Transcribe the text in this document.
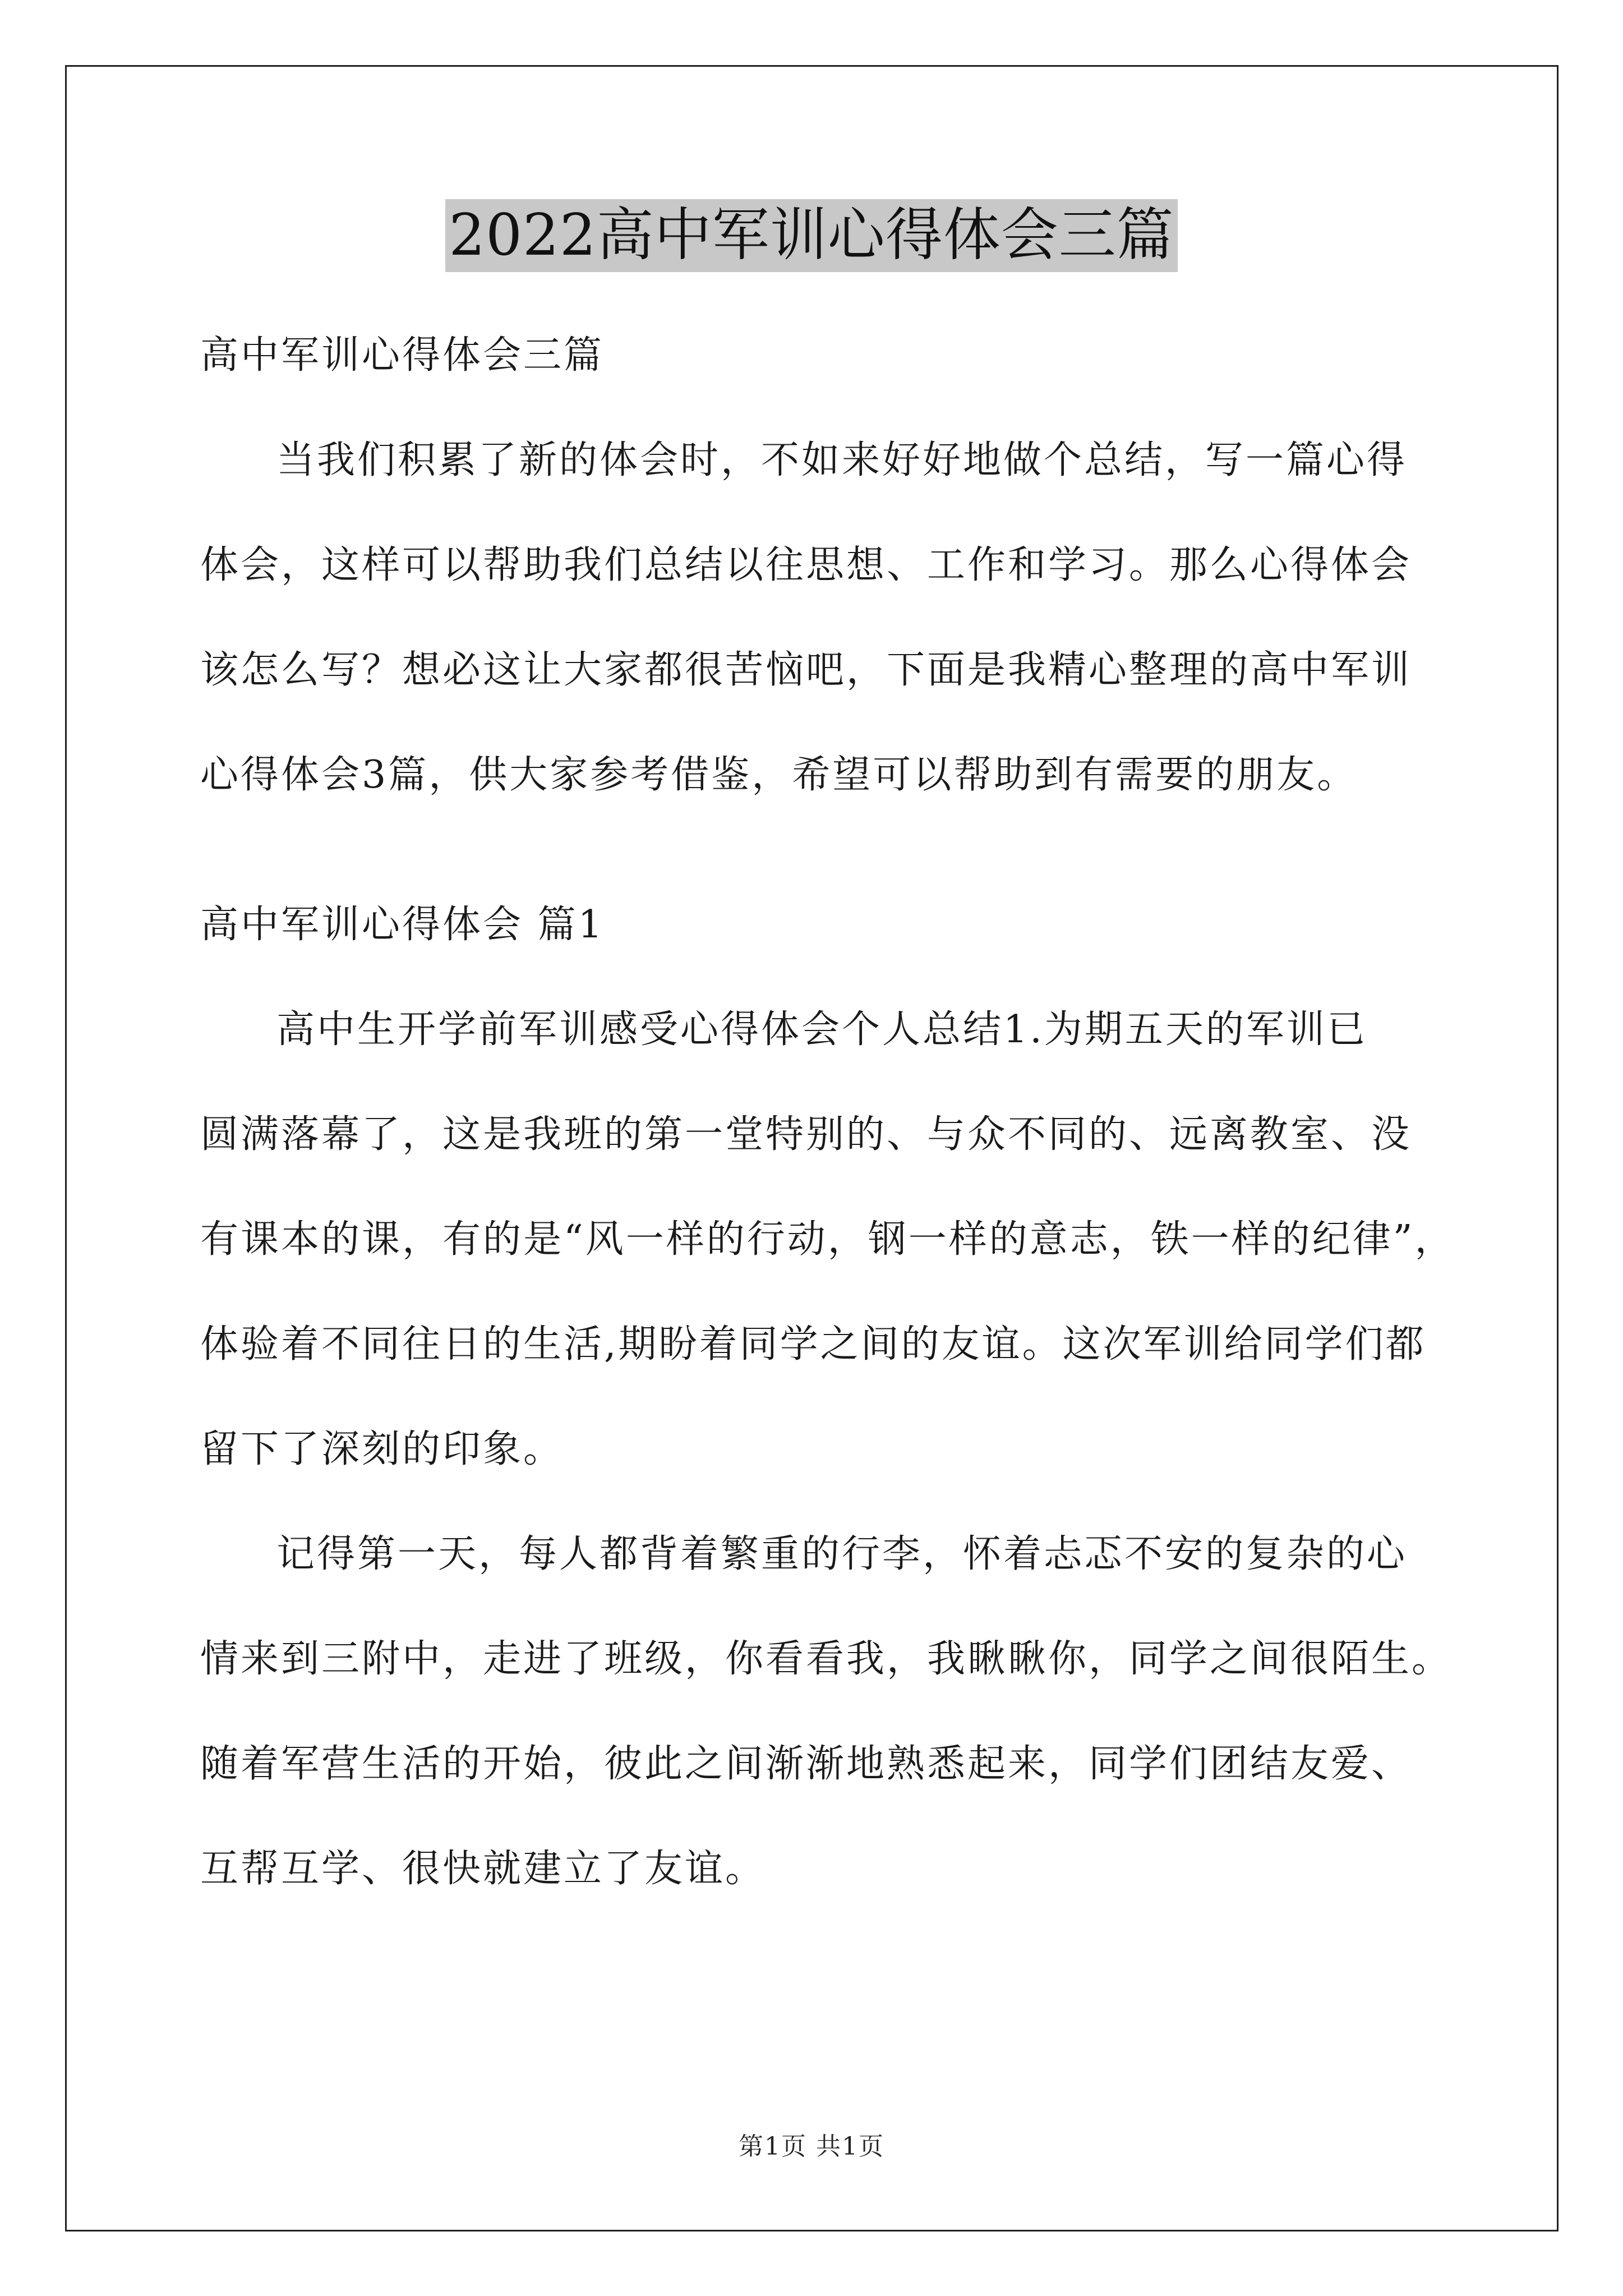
2022高中军训心得体会三篇
高中军训心得体会三篇
当我们积累了新的体会时，不如来好好地做个总结，写一篇心得
体会，这样可以帮助我们总结以往思想、工作和学习。那么心得体会
该怎么写？想必这让大家都很苦恼吧，下面是我精心整理的高中军训
心得体会3篇，供大家参考借鉴，希望可以帮助到有需要的朋友。
高中军训心得体会 篇1
高中生开学前军训感受心得体会个人总结1.为期五天的军训已
圆满落幕了，这是我班的第一堂特别的、与众不同的、远离教室、没
有课本的课，有的是“风一样的行动，钢一样的意志，铁一样的纪律”，
体验着不同往日的生活,期盼着同学之间的友谊。这次军训给同学们都
留下了深刻的印象。
记得第一天，每人都背着繁重的行李，怀着忐忑不安的复杂的心
情来到三附中，走进了班级，你看看我，我瞅瞅你，同学之间很陌生。
随着军营生活的开始，彼此之间渐渐地熟悉起来，同学们团结友爱、
互帮互学、很快就建立了友谊。
第1页 共1页
